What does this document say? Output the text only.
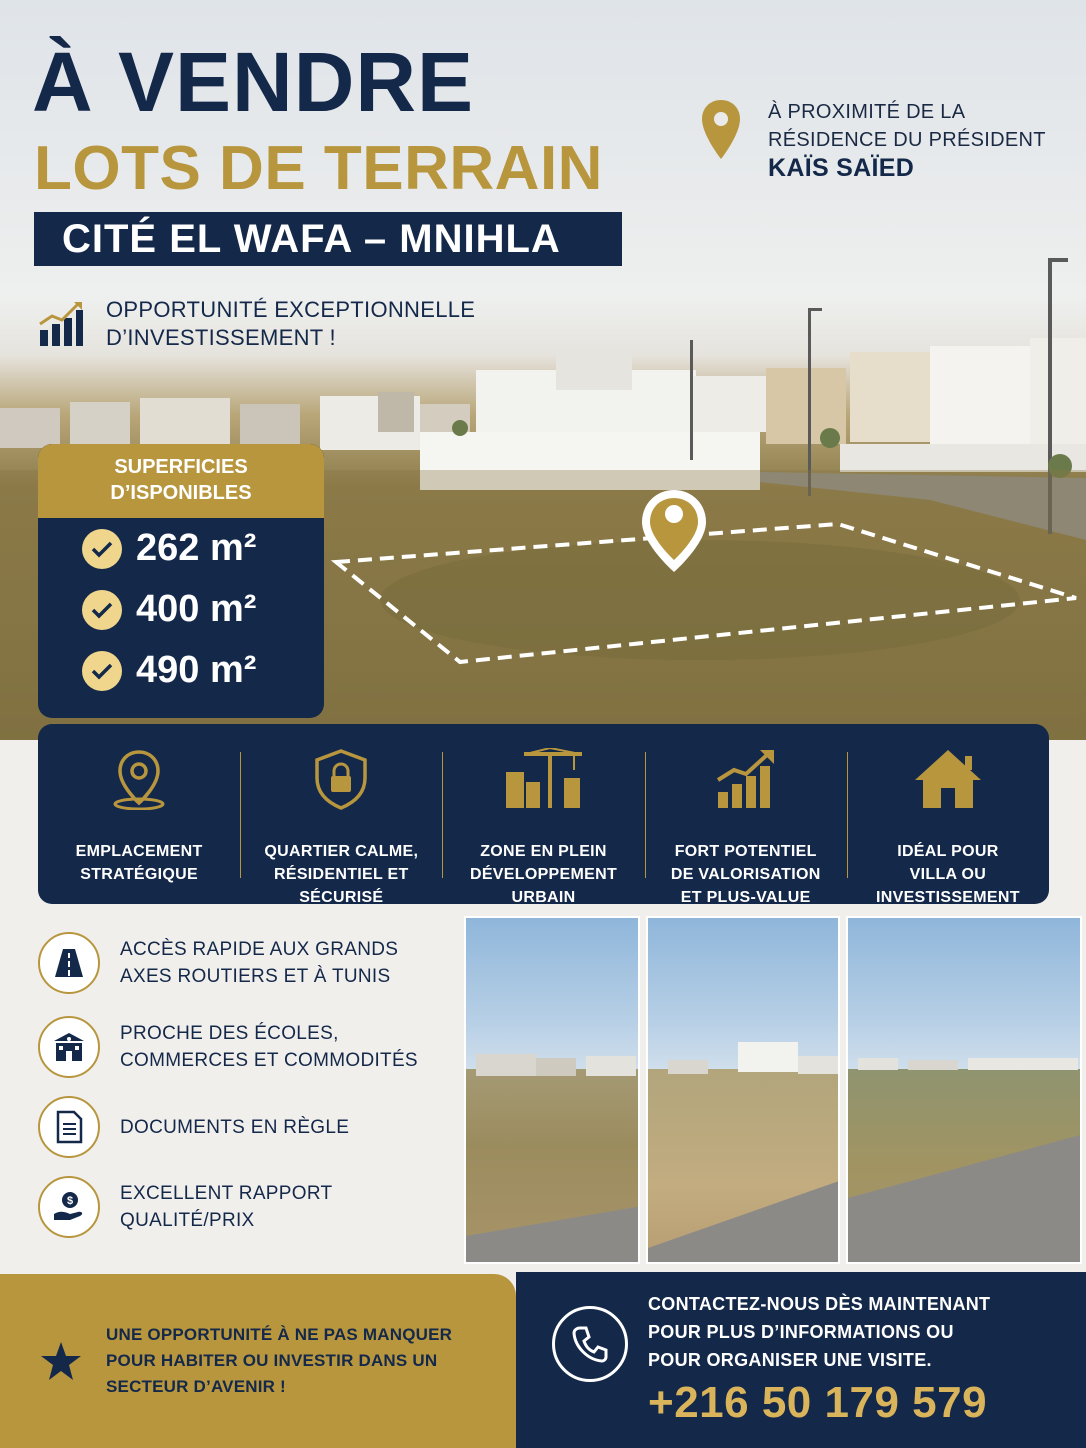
À VENDRE
LOTS DE TERRAIN
CITÉ EL WAFA – MNIHLA
OPPORTUNITÉ EXCEPTIONNELLE
D’INVESTISSEMENT !
À PROXIMITÉ DE LA
RÉSIDENCE DU PRÉSIDENT
KAÏS SAÏED
SUPERFICIES
D’ISPONIBLES
262 m²
400 m²
490 m²
EMPLACEMENT
STRATÉGIQUE
QUARTIER CALME,
RÉSIDENTIEL ET
SÉCURISÉ
ZONE EN PLEIN
DÉVELOPPEMENT
URBAIN
FORT POTENTIEL
DE VALORISATION
ET PLUS-VALUE
IDÉAL POUR
VILLA OU
INVESTISSEMENT
ACCÈS RAPIDE AUX GRANDS
AXES ROUTIERS ET À TUNIS
PROCHE DES ÉCOLES,
COMMERCES ET COMMODITÉS
DOCUMENTS EN RÈGLE
$ EXCELLENT RAPPORT
QUALITÉ/PRIX
UNE OPPORTUNITÉ À NE PAS MANQUER
POUR HABITER OU INVESTIR DANS UN
SECTEUR D’AVENIR !
CONTACTEZ-NOUS DÈS MAINTENANT
POUR PLUS D’INFORMATIONS OU
POUR ORGANISER UNE VISITE.
+216 50 179 579
